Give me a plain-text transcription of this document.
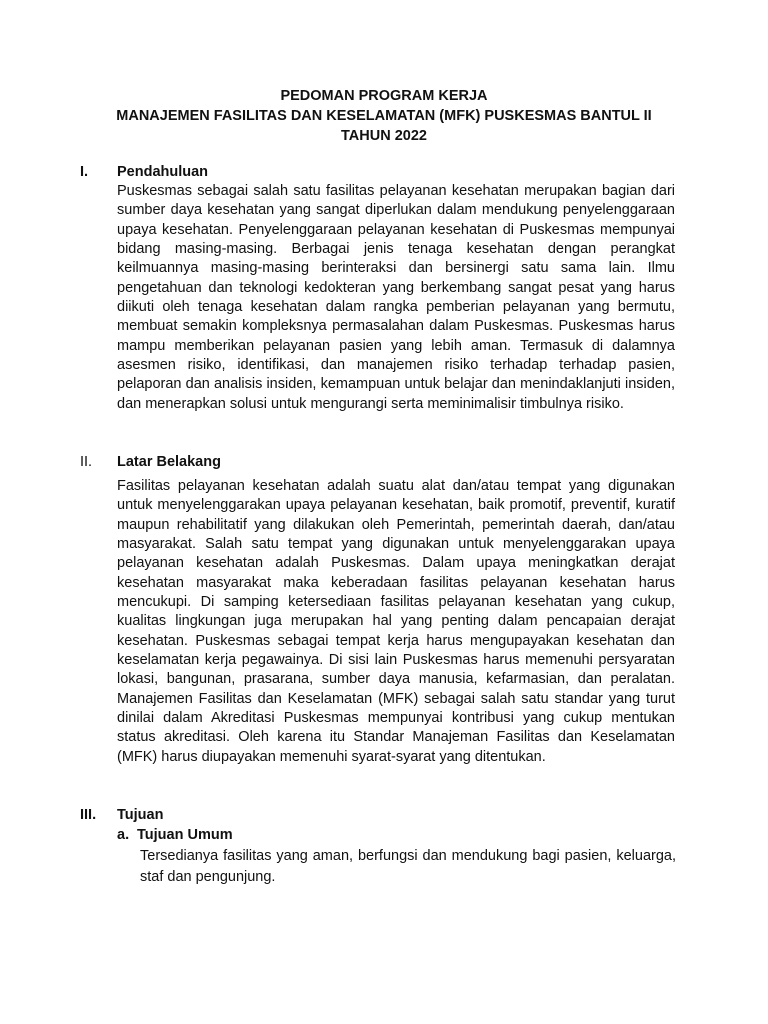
PEDOMAN PROGRAM KERJA
MANAJEMEN FASILITAS DAN KESELAMATAN (MFK) PUSKESMAS BANTUL II
TAHUN 2022
I. Pendahuluan

Puskesmas sebagai salah satu fasilitas pelayanan kesehatan merupakan bagian dari sumber daya kesehatan yang sangat diperlukan dalam mendukung penyelenggaraan upaya kesehatan. Penyelenggaraan pelayanan kesehatan di Puskesmas mempunyai bidang masing-masing. Berbagai jenis tenaga kesehatan dengan perangkat keilmuannya masing-masing berinteraksi dan bersinergi satu sama lain. Ilmu pengetahuan dan teknologi kedokteran yang berkembang sangat pesat yang harus diikuti oleh tenaga kesehatan dalam rangka pemberian pelayanan yang bermutu, membuat semakin kompleksnya permasalahan dalam Puskesmas. Puskesmas harus mampu memberikan pelayanan pasien yang lebih aman. Termasuk di dalamnya asesmen risiko, identifikasi, dan manajemen risiko terhadap terhadap pasien, pelaporan dan analisis insiden, kemampuan untuk belajar dan menindaklanjuti insiden, dan menerapkan solusi untuk mengurangi serta meminimalisir timbulnya risiko.

II. Latar Belakang

Fasilitas pelayanan kesehatan adalah suatu alat dan/atau tempat yang digunakan untuk menyelenggarakan upaya pelayanan kesehatan, baik promotif, preventif, kuratif maupun rehabilitatif yang dilakukan oleh Pemerintah, pemerintah daerah, dan/atau masyarakat. Salah satu tempat yang digunakan untuk menyelenggarakan upaya pelayanan kesehatan adalah Puskesmas. Dalam upaya meningkatkan derajat kesehatan masyarakat maka keberadaan fasilitas pelayanan kesehatan harus mencukupi. Di samping ketersediaan fasilitas pelayanan kesehatan yang cukup, kualitas lingkungan juga merupakan hal yang penting dalam pencapaian derajat kesehatan. Puskesmas sebagai tempat kerja harus mengupayakan kesehatan dan keselamatan kerja pegawainya. Di sisi lain Puskesmas harus memenuhi persyaratan lokasi, bangunan, prasarana, sumber daya manusia, kefarmasian, dan peralatan. Manajemen Fasilitas dan Keselamatan (MFK) sebagai salah satu standar yang turut dinilai dalam Akreditasi Puskesmas mempunyai kontribusi yang cukup mentukan status akreditasi. Oleh karena itu Standar Manajeman Fasilitas dan Keselamatan (MFK) harus diupayakan memenuhi syarat-syarat yang ditentukan.

III. Tujuan
a. Tujuan Umum

Tersedianya fasilitas yang aman, berfungsi dan mendukung bagi pasien, keluarga, staf dan pengunjung.
